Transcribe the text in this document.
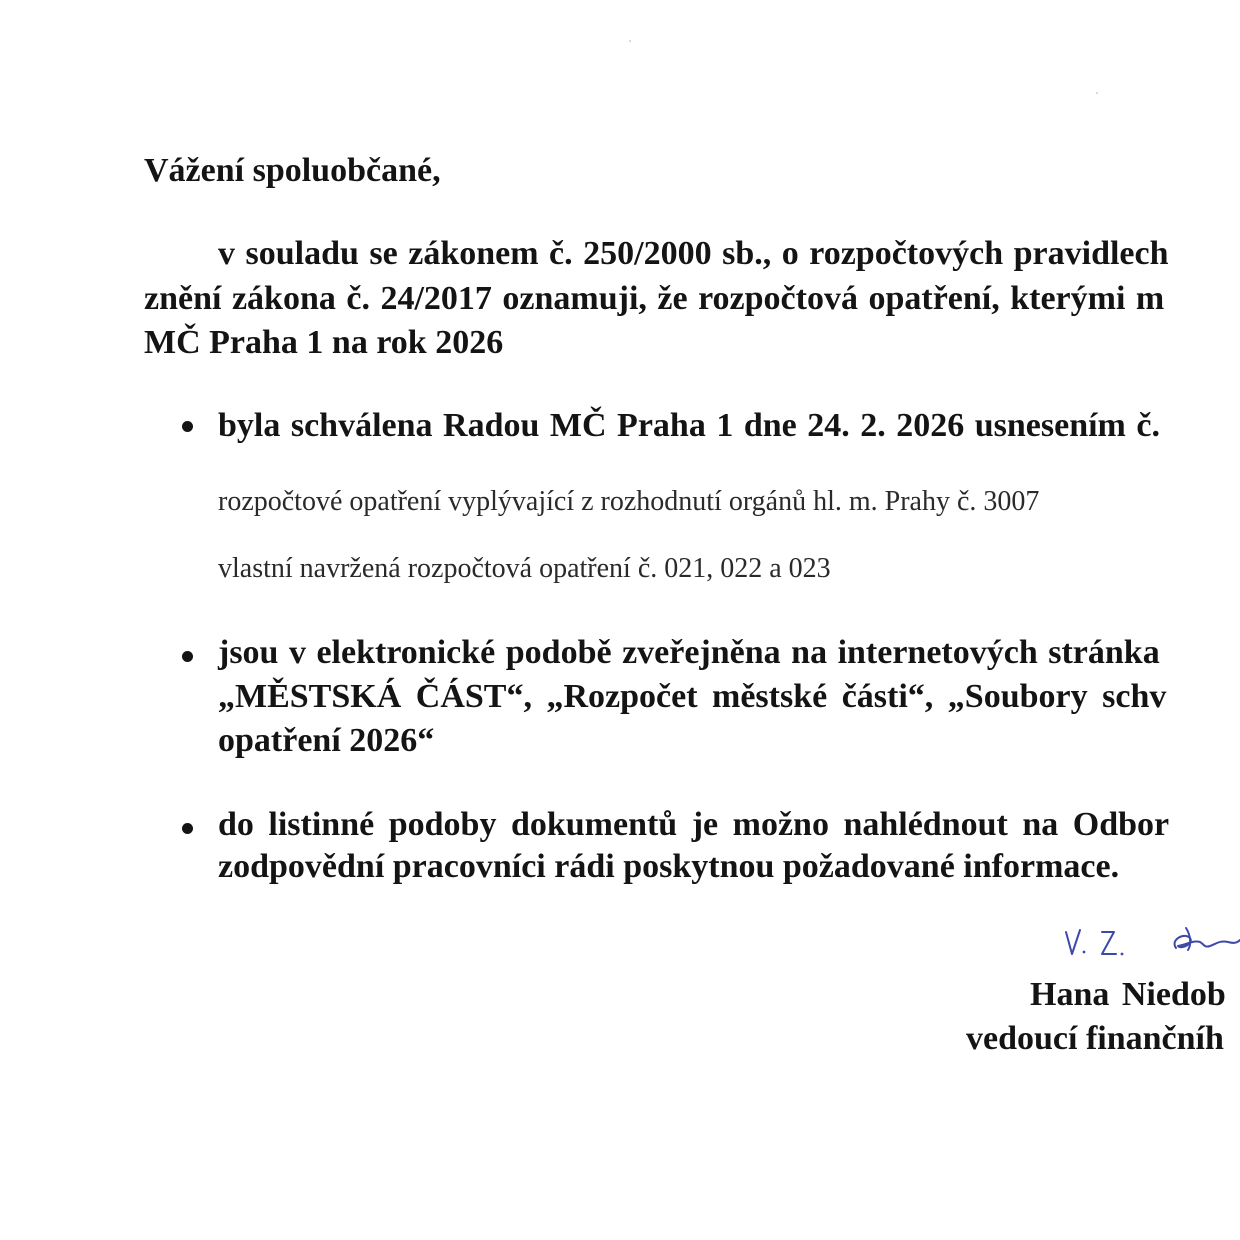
Vážení spoluobčané,
v souladu se zákonem č. 250/2000 sb., o rozpočtových pravidlech
znění zákona č. 24/2017 oznamuji, že rozpočtová opatření, kterými m
MČ Praha 1 na rok 2026
byla schválena Radou MČ Praha 1 dne 24. 2. 2026 usnesením č.
rozpočtové opatření vyplývající z rozhodnutí orgánů hl. m. Prahy č. 3007
vlastní navržená rozpočtová opatření č. 021, 022 a 023
jsou v elektronické podobě zveřejněna na internetových stránka
„MĚSTSKÁ ČÁST“, „Rozpočet městské části“, „Soubory schv
opatření 2026“
do listinné podoby dokumentů je možno nahlédnout na Odbor
zodpovědní pracovníci rádi poskytnou požadované informace.
Hana Niedob
vedoucí finančníh
